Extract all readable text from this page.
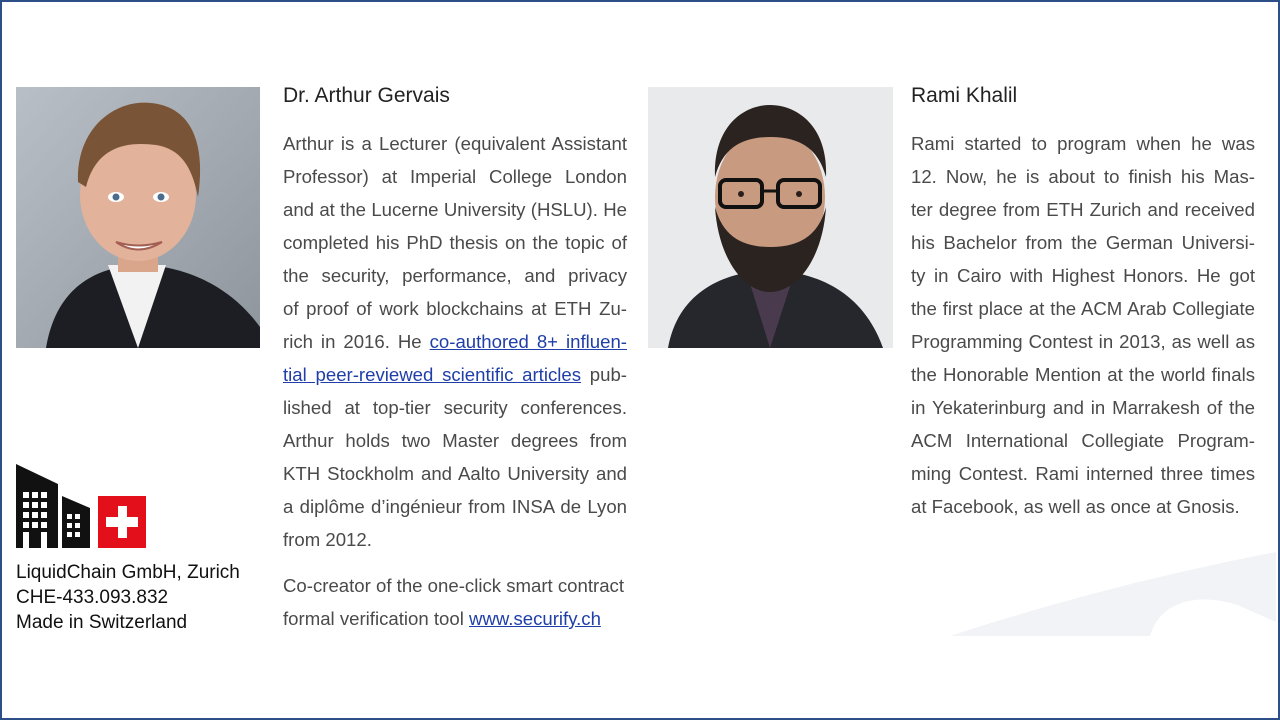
Dr. Arthur Gervais
Arthur is a Lecturer (equivalent Assistant
Professor) at Imperial College London
and at the Lucerne University (HSLU). He
completed his PhD thesis on the topic of
the security, performance, and privacy
of proof of work blockchains at ETH Zu-
rich in 2016. He co-authored 8+ influen-
tial peer-reviewed scientific articles pub-
lished at top-tier security conferences.
Arthur holds two Master degrees from
KTH Stockholm and Aalto University and
a diplôme d’ingénieur from INSA de Lyon
from 2012.
Co-creator of the one-click smart contract
formal verification tool www.securify.ch
Rami Khalil
Rami started to program when he was
12. Now, he is about to finish his Mas-
ter degree from ETH Zurich and received
his Bachelor from the German Universi-
ty in Cairo with Highest Honors. He got
the first place at the ACM Arab Collegiate
Programming Contest in 2013, as well as
the Honorable Mention at the world finals
in Yekaterinburg and in Marrakesh of the
ACM International Collegiate Program-
ming Contest. Rami interned three times
at Facebook, as well as once at Gnosis.
LiquidChain GmbH, Zurich
CHE-433.093.832
Made in Switzerland
